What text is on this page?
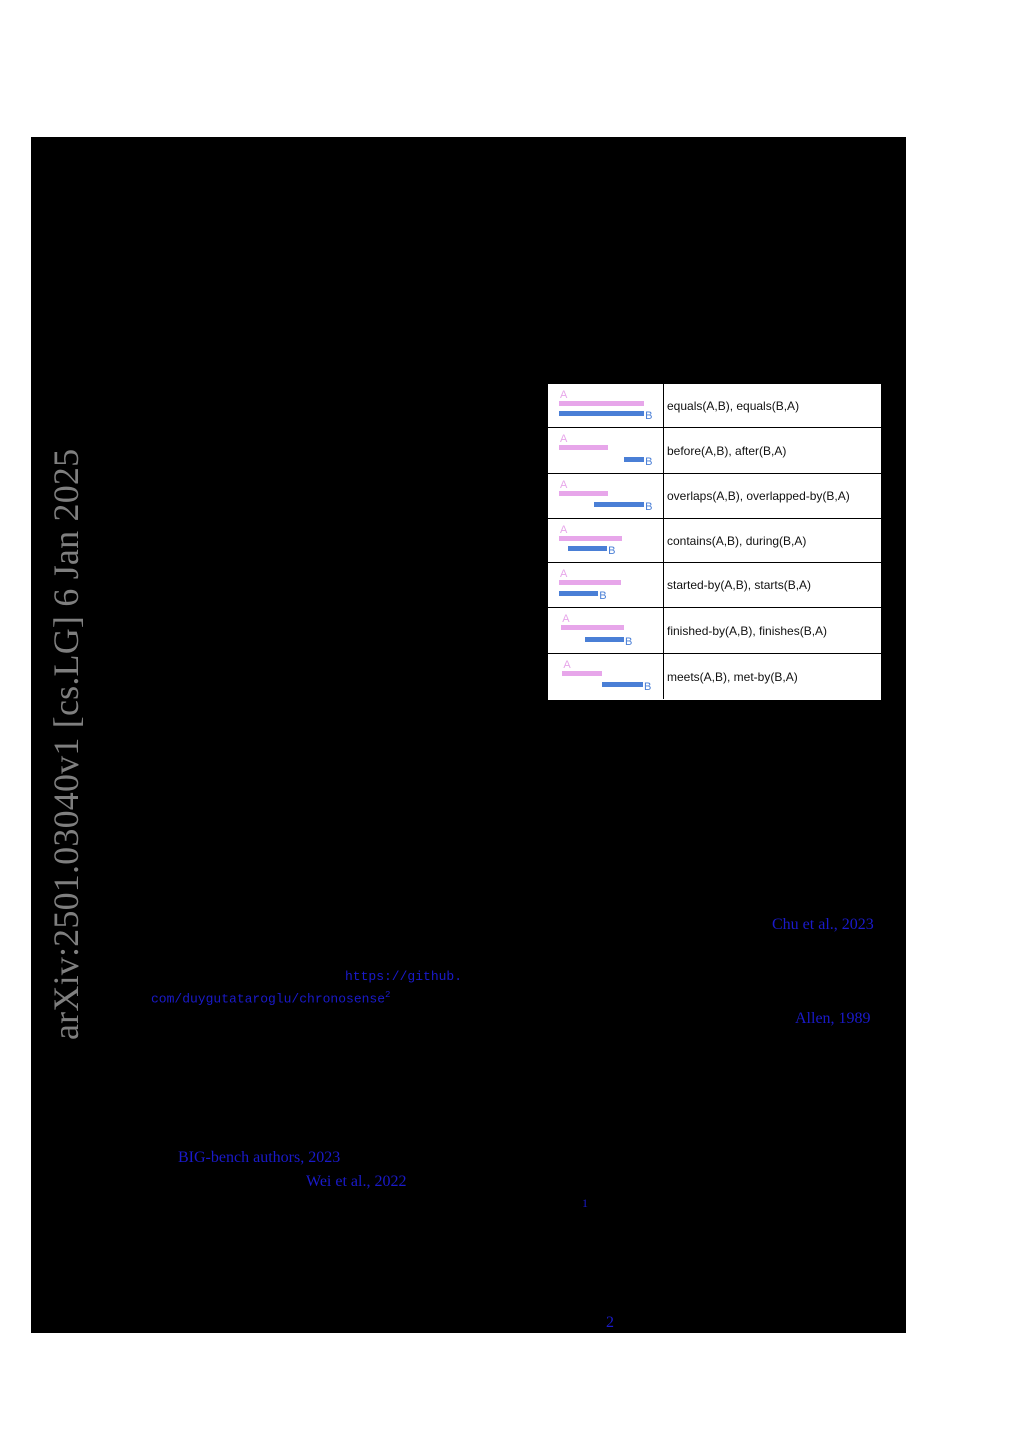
arXiv:2501.03040v1 [cs.LG] 6 Jan 2025
A
B
equals(A,B), equals(B,A)
A
B
before(A,B), after(B,A)
A
B
overlaps(A,B), overlapped-by(B,A)
A
B
contains(A,B), during(B,A)
A
B
started-by(A,B), starts(B,A)
A
B
finished-by(A,B), finishes(B,A)
A
B
meets(A,B), met-by(B,A)
Chu et al., 2023
https://github.
com/duygutataroglu/chronosense$^2$
Allen, 1989
BIG-bench authors, 2023
Wei et al., 2022
1
2
